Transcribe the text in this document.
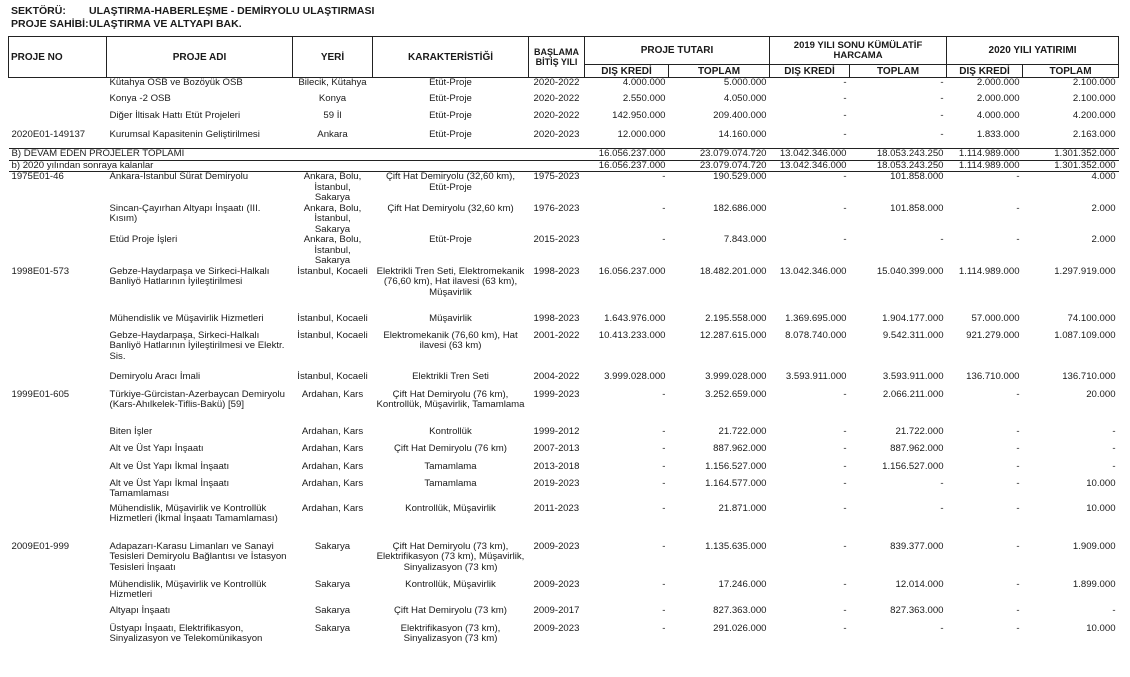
SEKTÖRÜ: ULAŞTIRMA-HABERLEŞME - DEMİRYOLU ULAŞTIRMASI
PROJE SAHİBİ:ULAŞTIRMA VE ALTYAPI BAK.
PROJE NO	PROJE ADI	YERİ	KARAKTERİSTİĞİ	BAŞLAMA BİTİŞ YILI	PROJE TUTARI		2019 YILI SONU KÜMÜLATİF HARCAMA		2020 YILI YATIRIMI	
					DIŞ KREDİ	TOPLAM	DIŞ KREDİ	TOPLAM	DIŞ KREDİ	TOPLAM
	Kütahya OSB ve Bozöyük OSB	Bilecik, Kütahya	Etüt-Proje	2020-2022	4.000.000	5.000.000	-	-	2.000.000	2.100.000
	Konya -2 OSB	Konya	Etüt-Proje	2020-2022	2.550.000	4.050.000	-	-	2.000.000	2.100.000
	Diğer İltisak Hattı Etüt Projeleri	59 İl	Etüt-Proje	2020-2022	142.950.000	209.400.000	-	-	4.000.000	4.200.000
2020E01-149137	Kurumsal Kapasitenin Geliştirilmesi	Ankara	Etüt-Proje	2020-2023	12.000.000	14.160.000	-	-	1.833.000	2.163.000
B) DEVAM EDEN PROJELER TOPLAMI					16.056.237.000	23.079.074.720	13.042.346.000	18.053.243.250	1.114.989.000	1.301.352.000
b) 2020 yılından sonraya kalanlar					16.056.237.000	23.079.074.720	13.042.346.000	18.053.243.250	1.114.989.000	1.301.352.000
1975E01-46	Ankara-İstanbul Sürat Demiryolu	Ankara, Bolu, İstanbul, Sakarya	Çift Hat Demiryolu (32,60 km), Etüt-Proje	1975-2023	-	190.529.000	-	101.858.000	-	4.000
	Sincan-Çayırhan Altyapı İnşaatı (III. Kısım)	Ankara, Bolu, İstanbul, Sakarya	Çift Hat Demiryolu (32,60 km)	1976-2023	-	182.686.000	-	101.858.000	-	2.000
	Etüd Proje İşleri	Ankara, Bolu, İstanbul, Sakarya	Etüt-Proje	2015-2023	-	7.843.000	-	-	-	2.000
1998E01-573	Gebze-Haydarpaşa ve Sirkeci-Halkalı Banliyö Hatlarının İyileştirilmesi	İstanbul, Kocaeli	Elektrikli Tren Seti, Elektromekanik (76,60 km), Hat ilavesi (63 km), Müşavirlik	1998-2023	16.056.237.000	18.482.201.000	13.042.346.000	15.040.399.000	1.114.989.000	1.297.919.000
	Mühendislik ve Müşavirlik Hizmetleri	İstanbul, Kocaeli	Müşavirlik	1998-2023	1.643.976.000	2.195.558.000	1.369.695.000	1.904.177.000	57.000.000	74.100.000
	Gebze-Haydarpaşa, Sirkeci-Halkalı Banliyö Hatlarının İyileştirilmesi ve Elektr. Sis.	İstanbul, Kocaeli	Elektromekanik (76,60 km), Hat ilavesi (63 km)	2001-2022	10.413.233.000	12.287.615.000	8.078.740.000	9.542.311.000	921.279.000	1.087.109.000
	Demiryolu Aracı İmali	İstanbul, Kocaeli	Elektrikli Tren Seti	2004-2022	3.999.028.000	3.999.028.000	3.593.911.000	3.593.911.000	136.710.000	136.710.000
1999E01-605	Türkiye-Gürcistan-Azerbaycan Demiryolu (Kars-Ahılkelek-Tiflis-Bakü) [59]	Ardahan, Kars	Çift Hat Demiryolu (76 km), Kontrollük, Müşavirlik, Tamamlama	1999-2023	-	3.252.659.000	-	2.066.211.000	-	20.000
	Biten İşler	Ardahan, Kars	Kontrollük	1999-2012	-	21.722.000	-	21.722.000	-	-
	Alt ve Üst Yapı İnşaatı	Ardahan, Kars	Çift Hat Demiryolu (76 km)	2007-2013	-	887.962.000	-	887.962.000	-	-
	Alt ve Üst Yapı İkmal İnşaatı	Ardahan, Kars	Tamamlama	2013-2018	-	1.156.527.000	-	1.156.527.000	-	-
	Alt ve Üst Yapı İkmal İnşaatı Tamamlaması	Ardahan, Kars	Tamamlama	2019-2023	-	1.164.577.000	-	-	-	10.000
	Mühendislik, Müşavirlik ve Kontrollük Hizmetleri (İkmal İnşaatı Tamamlaması)	Ardahan, Kars	Kontrollük, Müşavirlik	2011-2023	-	21.871.000	-	-	-	10.000
2009E01-999	Adapazarı-Karasu Limanları ve Sanayi Tesisleri Demiryolu Bağlantısı ve İstasyon Tesisleri İnşaatı	Sakarya	Çift Hat Demiryolu (73 km), Elektrifikasyon (73 km), Müşavirlik, Sinyalizasyon (73 km)	2009-2023	-	1.135.635.000	-	839.377.000	-	1.909.000
	Mühendislik, Müşavirlik ve Kontrollük Hizmetleri	Sakarya	Kontrollük, Müşavirlik	2009-2023	-	17.246.000	-	12.014.000	-	1.899.000
	Altyapı İnşaatı	Sakarya	Çift Hat Demiryolu (73 km)	2009-2017	-	827.363.000	-	827.363.000	-	-
	Üstyapı İnşaatı, Elektrifikasyon, Sinyalizasyon ve Telekomünikasyon	Sakarya	Elektrifikasyon (73 km), Sinyalizasyon (73 km)	2009-2023	-	291.026.000	-	-	-	10.000
